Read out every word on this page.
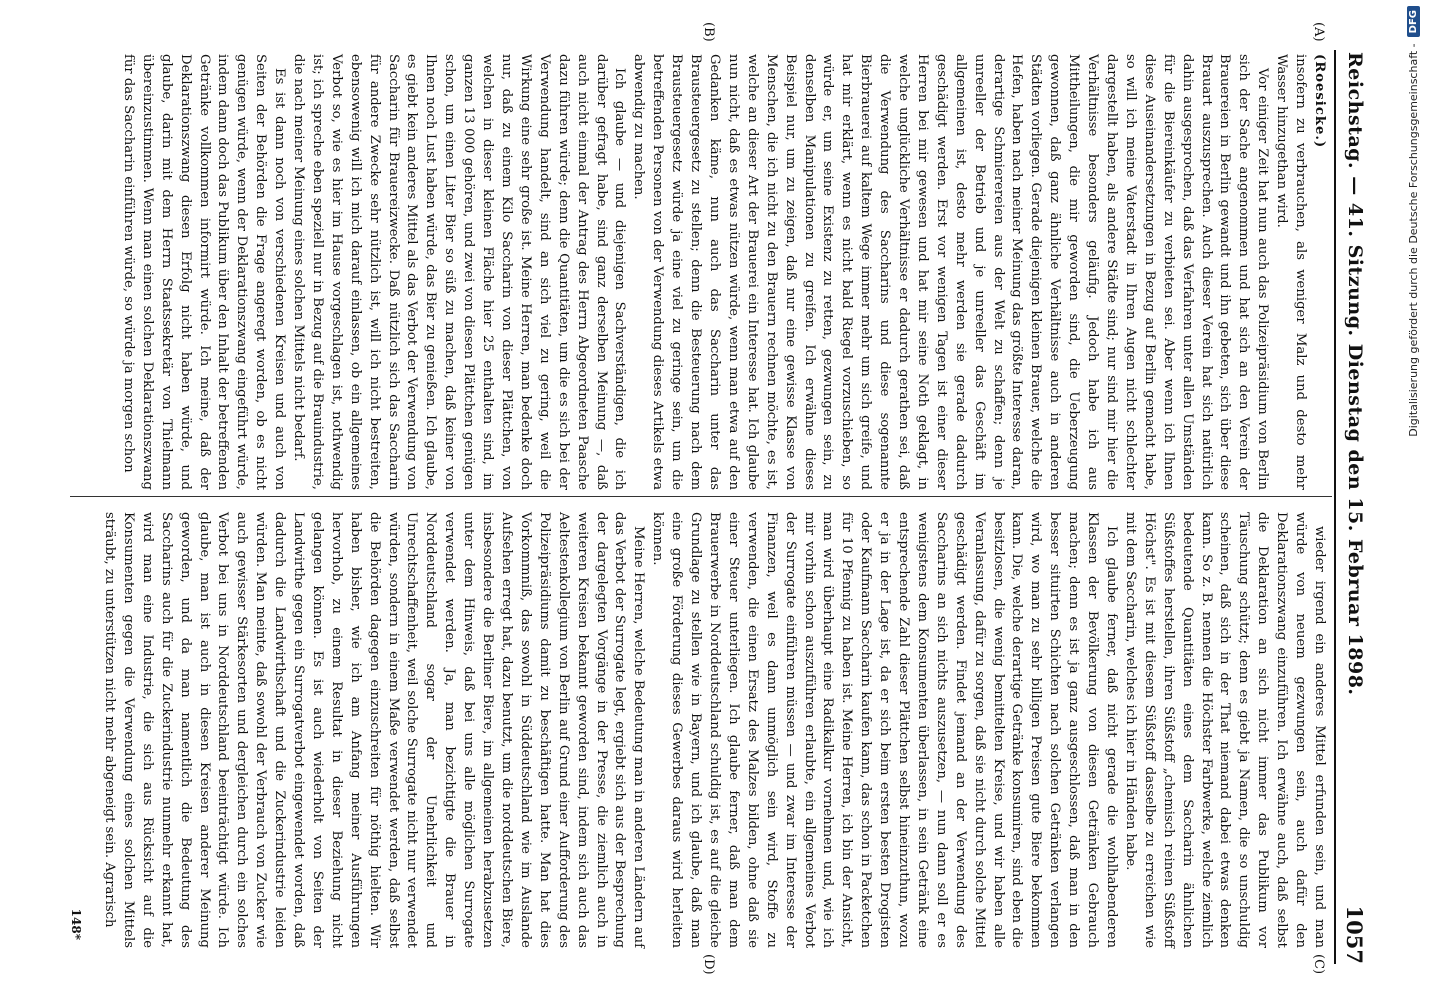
Reichstag. — 41. Sitzung. Dienstag den 15. Februar 1898.
1057
(A)
(B)
(C)
(D)

(Roesicke.)
insofern zu verbrauchen, als weniger Malz und desto mehr Wasser hinzugethan wird.

Vor einiger Zeit hat nun auch das Polizeipräsidium von Berlin sich der Sache angenommen und hat sich an den Verein der Brauereien in Berlin gewandt und ihn gebeten, sich über diese Brauart auszusprechen. Auch dieser Verein hat sich natürlich dahin ausgesprochen, daß das Verfahren unter allen Umständen für die Biereinkäufer zu verbieten sei. Aber wenn ich Ihnen diese Auseinandersetzungen in Bezug auf Berlin gemacht habe, so will ich meine Vaterstadt in Ihren Augen nicht schlechter dargestellt haben, als andere Städte sind; nur sind mir hier die Verhältnisse besonders geläufig. Jedoch habe ich aus Mittheilungen, die mir geworden sind, die Ueberzeugung gewonnen, daß ganz ähnliche Verhältnisse auch in anderen Städten vorliegen. Gerade diejenigen kleinen Brauer, welche die Hefen, haben nach meiner Meinung das größte Interesse daran, derartige Schmierereien aus der Welt zu schaffen; denn je unreeller der Betrieb und je unreeller das Geschäft im allgemeinen ist, desto mehr werden sie gerade dadurch geschädigt werden. Erst vor wenigen Tagen ist einer dieser Herren bei mir gewesen und hat mir seine Noth geklagt, in welche unglückliche Verhältnisse er dadurch gerathen sei, daß die Verwendung des Saccharins und diese sogenannte Bierbrauerei auf kaltem Wege immer mehr um sich greife, und hat mir erklärt, wenn es nicht bald Riegel vorzuschieben, so würde er, um seine Existenz zu retten, gezwungen sein, zu denselben Manipulationen zu greifen. Ich erwähne dieses Beispiel nur, um zu zeigen, daß nur eine gewisse Klasse von Menschen, die ich nicht zu den Brauern rechnen möchte, es ist, welche an dieser Art der Brauerei ein Interesse hat. Ich glaube nun nicht, daß es etwas nützen würde, wenn man etwa auf den Gedanken käme, nun auch das Saccharin unter das Brausteuergesetz zu stellen; denn die Besteuerung nach dem Brausteuergesetz würde ja eine viel zu geringe sein, um die betreffenden Personen von der Verwendung dieses Artikels etwa abwendig zu machen.

Ich glaube — und diejenigen Sachverständigen, die ich darüber gefragt habe, sind ganz derselben Meinung —, daß auch nicht einmal der Antrag des Herrn Abgeordneten Paasche dazu führen würde; denn die Quantitäten, um die es sich bei der Verwendung handelt, sind an sich viel zu gering, weil die Wirkung eine sehr große ist. Meine Herren, man bedenke doch nur, daß zu einem Kilo Saccharin von dieser Plättchen, von welchen in dieser kleinen Fläche hier 25 enthalten sind, im ganzen 13 000 gehören, und zwei von diesen Plättchen genügen schon, um einen Liter Bier so süß zu machen, daß keiner von Ihnen noch Lust haben würde, das Bier zu genießen. Ich glaube, es giebt kein anderes Mittel als das Verbot der Verwendung von Saccharin für Brauereizwecke. Daß nützlich sich das Saccharin für andere Zwecke sehr nützlich ist, will ich nicht bestreiten, ebensowenig will ich mich darauf einlassen, ob ein allgemeines Verbot so, wie es hier im Hause vorgeschlagen ist, nothwendig ist; ich spreche eben speziell nur in Bezug auf die Brauindustrie, die nach meiner Meinung eines solchen Mittels nicht bedarf.

Es ist dann noch von verschiedenen Kreisen und auch von Seiten der Behörden die Frage angeregt worden, ob es nicht genügen würde, wenn der Deklarationszwang eingeführt würde, indem dann doch das Publikum über den Inhalt der betreffenden Getränke vollkommen informirt würde. Ich meine, daß der Deklarationszwang diesen Erfolg nicht haben würde, und glaube, darin mit dem Herrn Staatssekretär von Thielmann übereinzustimmen. Wenn man einen solchen Deklarationszwang für das Saccharin einführen würde, so würde ja morgen schon

wieder irgend ein anderes Mittel erfunden sein, und man würde von neuem gezwungen sein, auch dafür den Deklarationszwang einzuführen. Ich erwähne auch, daß selbst die Deklaration an sich nicht immer das Publikum vor Täuschung schützt; denn es giebt ja Namen, die so unschuldig scheinen, daß sich in der That niemand dabei etwas denken kann. So z. B. nennen die Höchster Farbwerke, welche ziemlich bedeutende Quantitäten eines dem Saccharin ähnlichen Süßstoffes herstellen, ihren Süßstoff „chemisch reinen Süßstoff Höchst". Es ist mit diesem Süßstoff dasselbe zu erreichen wie mit dem Saccharin, welches ich hier in Händen habe.

Ich glaube ferner, daß nicht gerade die wohlhabenderen Klassen der Bevölkerung von diesen Getränken Gebrauch machen; denn es ist ja ganz ausgeschlossen, daß man in den besser situirten Schichten nach solchen Getränken verlangen wird, wo man zu sehr billigen Preisen gute Biere bekommen kann. Die, welche derartige Getränke konsumiren, sind eben die besitzlosen, die wenig bemittelten Kreise, und wir haben alle Veranlassung, dafür zu sorgen, daß sie nicht durch solche Mittel geschädigt werden. Findet jemand an der Verwendung des Saccharins an sich nichts auszusetzen, — nun dann soll er es wenigstens dem Konsumenten überlassen, in sein Getränk eine entsprechende Zahl dieser Plättchen selbst hineinzuthun, wozu er ja in der Lage ist, da er sich beim ersten besten Drogisten oder Kaufmann Saccharin kaufen kann, das schon in Packetchen für 10 Pfennig zu haben ist. Meine Herren, ich bin der Ansicht, man wird überhaupt eine Radikalkur vornehmen und, wie ich mir vorhin schon auszuführen erlaubte, ein allgemeines Verbot der Surrogate einführen müssen — und zwar im Interesse der Finanzen, weil es dann unmöglich sein wird, Stoffe zu verwenden, die einen Ersatz des Malzes bilden, ohne daß sie einer Steuer unterliegen. Ich glaube ferner, daß man dem Brauerwerbe in Norddeutschland schuldig ist, es auf die gleiche Grundlage zu stellen wie in Bayern, und ich glaube, daß man eine große Förderung dieses Gewerbes daraus wird herleiten können.

Meine Herren, welche Bedeutung man in anderen Ländern auf das Verbot der Surrogate legt, ergiebt sich aus der Besprechung der dargelegten Vorgänge in der Presse, die ziemlich auch in weiteren Kreisen bekannt geworden sind, indem sich auch das Aeltestenkollegium von Berlin auf Grund einer Aufforderung des Polizeipräsidiums damit zu beschäftigen hatte. Man hat dies Vorkommniß, das sowohl in Süddeutschland wie im Auslande Aufsehen erregt hat, dazu benutzt, um die norddeutschen Biere, insbesondere die Berliner Biere, im allgemeinen herabzusetzen unter dem Hinweis, daß bei uns alle möglichen Surrogate verwendet werden. Ja, man bezichtigte die Brauer in Norddeutschland sogar der Unehrlichkeit und Unrechtschaffenheit, weil solche Surrogate nicht nur verwendet würden, sondern in einem Maße verwendet werden, daß selbst die Behörden dagegen einzuschreiten für nöthig hielten. Wir haben bisher, wie ich am Anfang meiner Ausführungen hervorhob, zu einem Resultat in dieser Beziehung nicht gelangen können. Es ist auch wiederholt von Seiten der Landwirthe gegen ein Surrogatverbot eingewendet worden, daß dadurch die Landwirthschaft und die Zuckerindustrie leiden würden. Man meinte, daß sowohl der Verbrauch von Zucker wie auch gewisser Stärkesorten und dergleichen durch ein solches Verbot bei uns in Norddeutschland beeinträchtigt würde. Ich glaube, man ist auch in diesen Kreisen anderer Meinung geworden, und da man namentlich die Bedeutung des Saccharins auch für die Zuckerindustrie nunmehr erkannt hat, wird man eine Industrie, die sich aus Rücksicht auf die Konsumenten gegen die Verwendung eines solchen Mittels sträubt, zu unterstützen nicht mehr abgeneigt sein. Agrarisch

148*
Digitalisierung gefördert durch die Deutsche Forschungsgemeinschaft -
DFG
